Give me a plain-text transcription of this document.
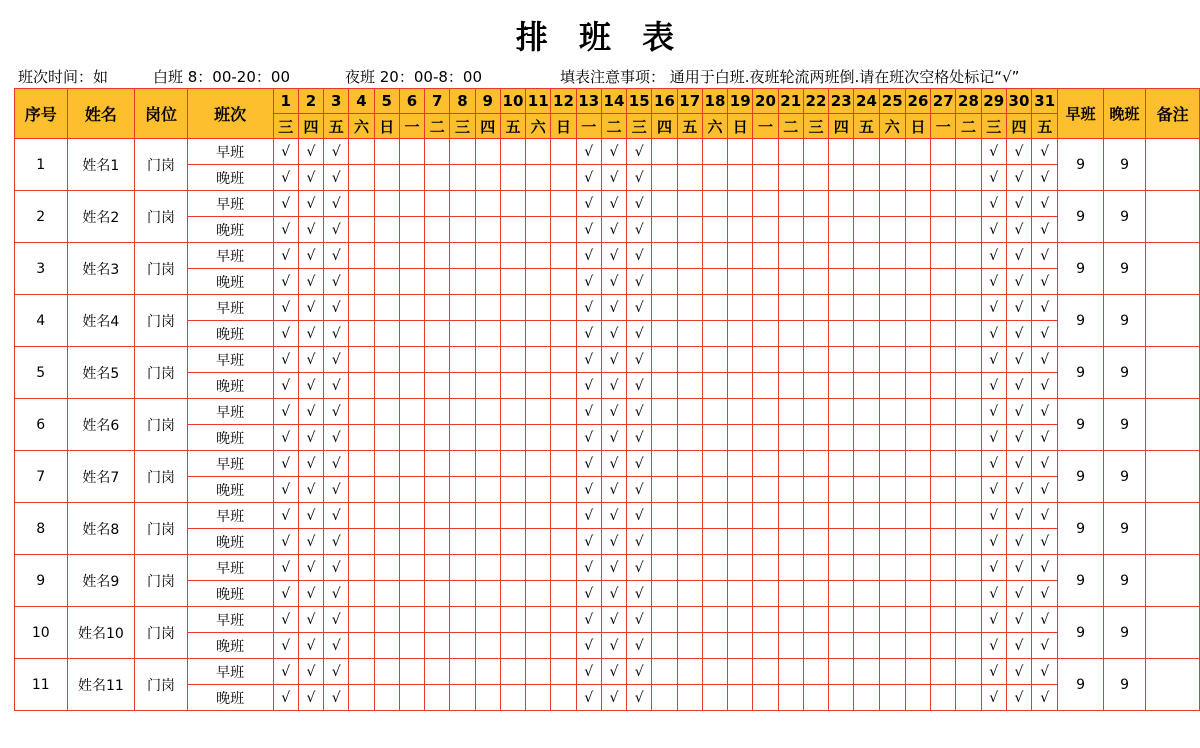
排 班 表
班次时间：如	白班 8：00-20：00	夜班 20：00-8：00	填表注意事项： 通用于白班.夜班轮流两班倒.请在班次空格处标记“√”
序号	姓名	岗位	班次	1	2	3	4	5	6	7	8	9	10	11	12	13	14	15	16	17	18	19	20	21	22	23	24	25	26	27	28	29	30	31	早班	晚班	备注
				三	四	五	六	日	一	二	三	四	五	六	日	一	二	三	四	五	六	日	一	二	三	四	五	六	日	一	二	三	四	五			
1	姓名1	门岗	早班	√	√	√										√	√	√														√	√	√	9	9	
			晚班	√	√	√										√	√	√														√	√	√			
2	姓名2	门岗	早班	√	√	√										√	√	√														√	√	√	9	9	
			晚班	√	√	√										√	√	√														√	√	√			
3	姓名3	门岗	早班	√	√	√										√	√	√														√	√	√	9	9	
			晚班	√	√	√										√	√	√														√	√	√			
4	姓名4	门岗	早班	√	√	√										√	√	√														√	√	√	9	9	
			晚班	√	√	√										√	√	√														√	√	√			
5	姓名5	门岗	早班	√	√	√										√	√	√														√	√	√	9	9	
			晚班	√	√	√										√	√	√														√	√	√			
6	姓名6	门岗	早班	√	√	√										√	√	√														√	√	√	9	9	
			晚班	√	√	√										√	√	√														√	√	√			
7	姓名7	门岗	早班	√	√	√										√	√	√														√	√	√	9	9	
			晚班	√	√	√										√	√	√														√	√	√			
8	姓名8	门岗	早班	√	√	√										√	√	√														√	√	√	9	9	
			晚班	√	√	√										√	√	√														√	√	√			
9	姓名9	门岗	早班	√	√	√										√	√	√														√	√	√	9	9	
			晚班	√	√	√										√	√	√														√	√	√			
10	姓名10	门岗	早班	√	√	√										√	√	√														√	√	√	9	9	
			晚班	√	√	√										√	√	√														√	√	√			
11	姓名11	门岗	早班	√	√	√										√	√	√														√	√	√	9	9	
			晚班	√	√	√										√	√	√														√	√	√			
